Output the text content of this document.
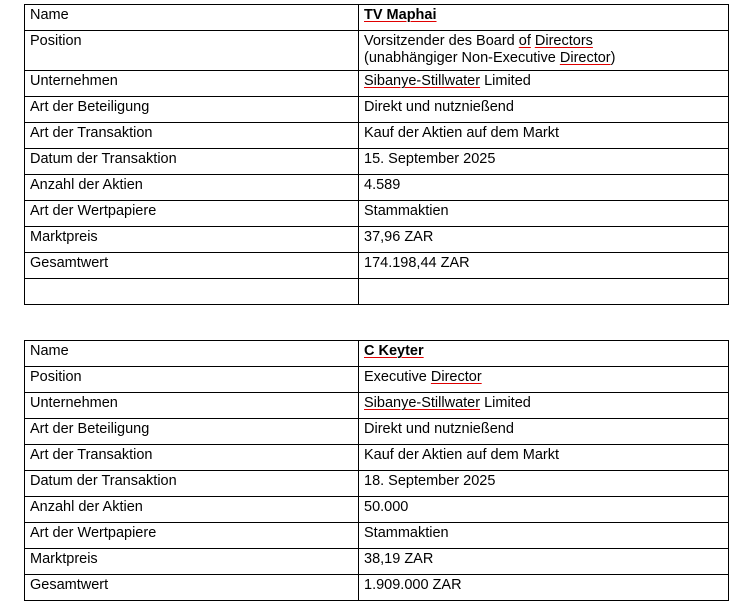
Name	TV Maphai
Position	Vorsitzender des Board of Directors
(unabhängiger Non-Executive Director)

Unternehmen	Sibanye-Stillwater Limited
Art der Beteiligung	Direkt und nutznießend
Art der Transaktion	Kauf der Aktien auf dem Markt
Datum der Transaktion	15. September 2025
Anzahl der Aktien	4.589
Art der Wertpapiere	Stammaktien
Marktpreis	37,96 ZAR
Gesamtwert	174.198,44 ZAR

Name	C Keyter
Position	Executive Director
Unternehmen	Sibanye-Stillwater Limited
Art der Beteiligung	Direkt und nutznießend
Art der Transaktion	Kauf der Aktien auf dem Markt
Datum der Transaktion	18. September 2025
Anzahl der Aktien	50.000
Art der Wertpapiere	Stammaktien
Marktpreis	38,19 ZAR
Gesamtwert	1.909.000 ZAR
